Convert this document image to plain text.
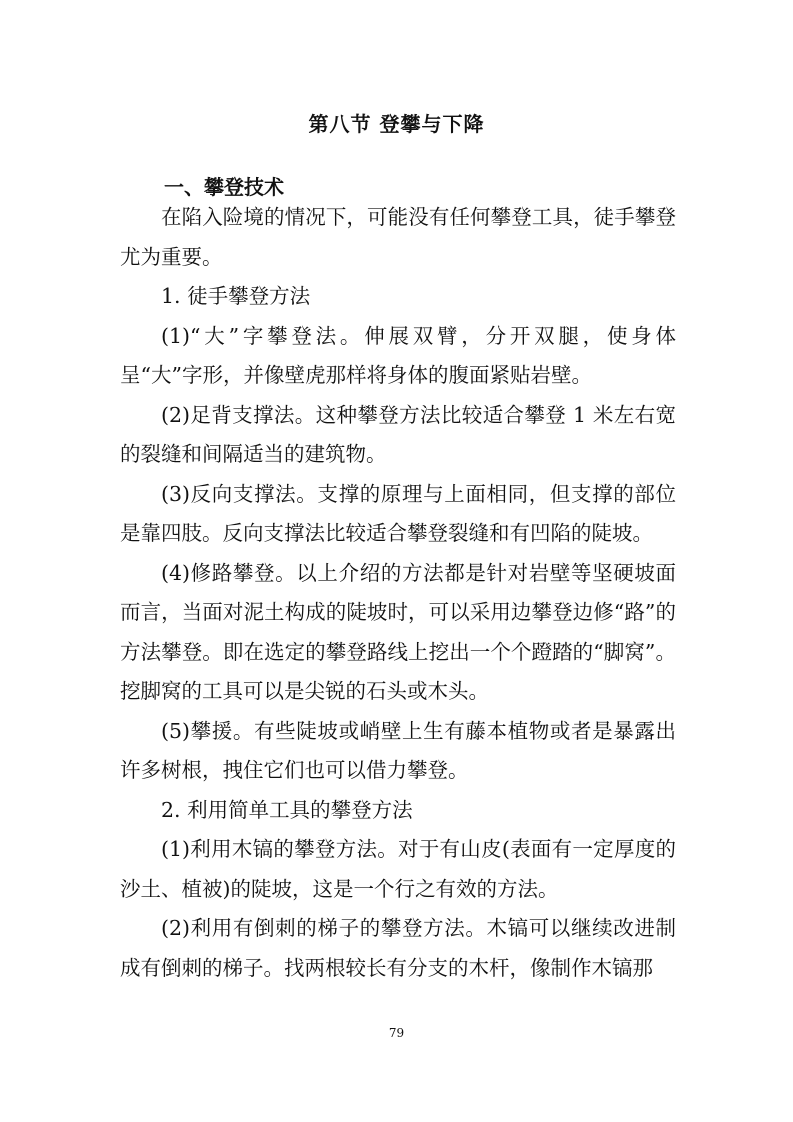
第八节 登攀与下降
一、攀登技术

在陷入险境的情况下，可能没有任何攀登工具，徒手攀登尤为重要。

1. 徒手攀登方法

(1)“大”字攀登法。伸展双臂，分开双腿，使身体呈“大”字形，并像壁虎那样将身体的腹面紧贴岩壁。

(2)足背支撑法。这种攀登方法比较适合攀登 1 米左右宽的裂缝和间隔适当的建筑物。

(3)反向支撑法。支撑的原理与上面相同，但支撑的部位是靠四肢。反向支撑法比较适合攀登裂缝和有凹陷的陡坡。

(4)修路攀登。以上介绍的方法都是针对岩壁等坚硬坡面而言，当面对泥土构成的陡坡时，可以采用边攀登边修“路”的方法攀登。即在选定的攀登路线上挖出一个个蹬踏的“脚窝”。挖脚窝的工具可以是尖锐的石头或木头。

(5)攀援。有些陡坡或峭壁上生有藤本植物或者是暴露出许多树根，拽住它们也可以借力攀登。

2. 利用简单工具的攀登方法

(1)利用木镐的攀登方法。对于有山皮(表面有一定厚度的沙土、植被)的陡坡，这是一个行之有效的方法。

(2)利用有倒刺的梯子的攀登方法。木镐可以继续改进制成有倒刺的梯子。找两根较长有分支的木杆，像制作木镐那

79
